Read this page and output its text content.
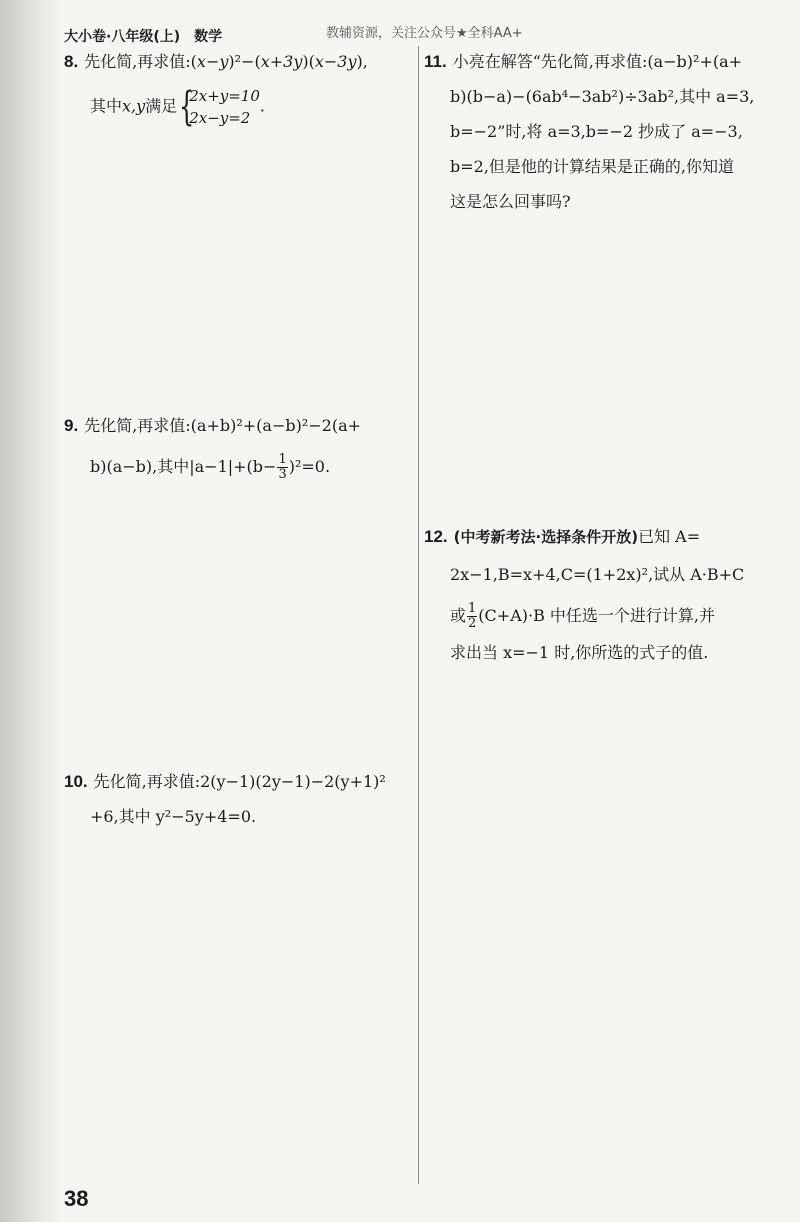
大小卷·八年级(上) 数学	教辅资源，关注公众号★全科AA+
8. 先化简,再求值:(x−y)²−(x+3y)(x−3y),
其中x,y满足 {
2x+y=10
2x−y=2
.
9. 先化简,再求值:(a+b)²+(a−b)²−2(a+
b)(a−b),其中$|a-1|+(b- \frac{1}{3} )^2=0$.
10. 先化简,再求值:2(y−1)(2y−1)−2(y+1)²
+6,其中 y²−5y+4=0.
11. 小亮在解答“先化简,再求值:(a−b)²+(a+
b)(b−a)−(6ab⁴−3ab²)÷3ab²,其中 a=3,
b=−2”时,将 a=3,b=−2 抄成了 a=−3,
b=2,但是他的计算结果是正确的,你知道
这是怎么回事吗?
12. (中考新考法·选择条件开放)已知 A=
2x−1,B=x+4,C=(1+2x)²,试从 A·B+C
或 $\frac{1}{2} (C+A)\cdot B$ 中任选一个进行计算,并
求出当 x=−1 时,你所选的式子的值.
38
